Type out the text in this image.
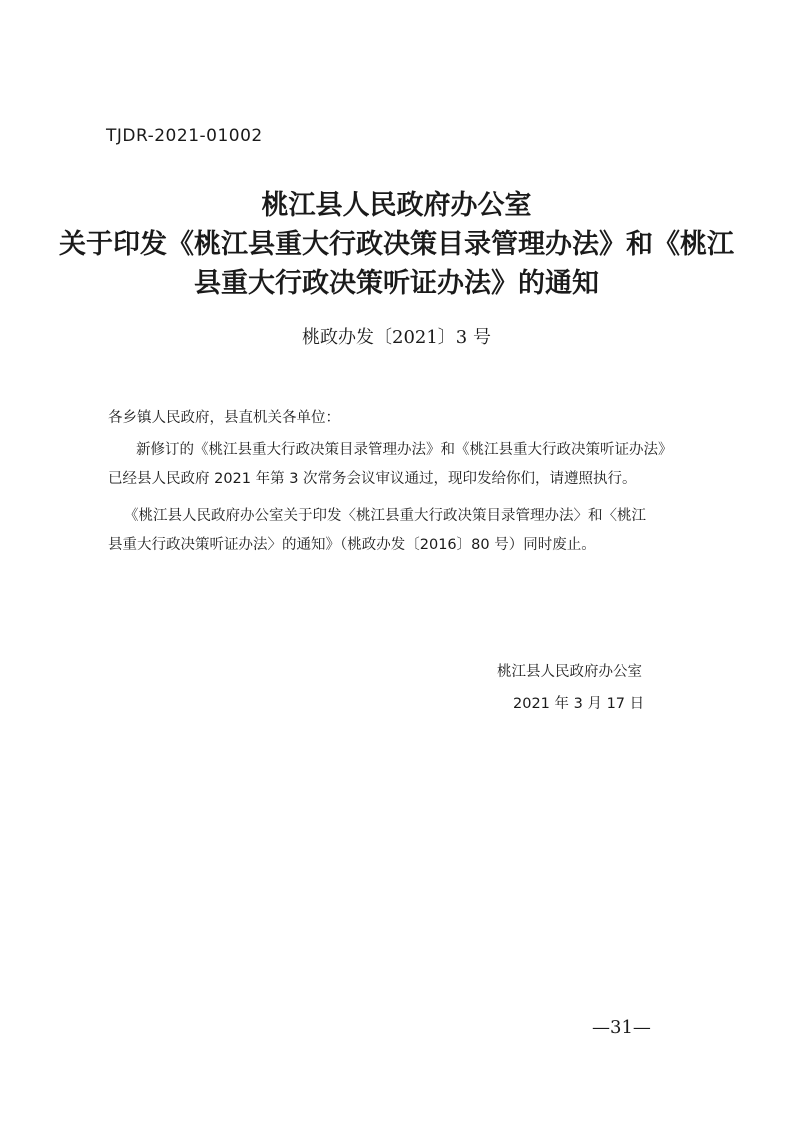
TJDR-2021-01002
桃江县人民政府办公室
关于印发《桃江县重大行政决策目录管理办法》和《桃江
县重大行政决策听证办法》的通知
桃政办发〔2021〕3 号
各乡镇人民政府，县直机关各单位：
新修订的《桃江县重大行政决策目录管理办法》和《桃江县重大行政决策听证办法》
已经县人民政府 2021 年第 3 次常务会议审议通过，现印发给你们，请遵照执行。
《桃江县人民政府办公室关于印发〈桃江县重大行政决策目录管理办法〉和〈桃江
县重大行政决策听证办法〉的通知》（桃政办发〔2016〕80 号）同时废止。
桃江县人民政府办公室
2021 年 3 月 17 日
—31—
